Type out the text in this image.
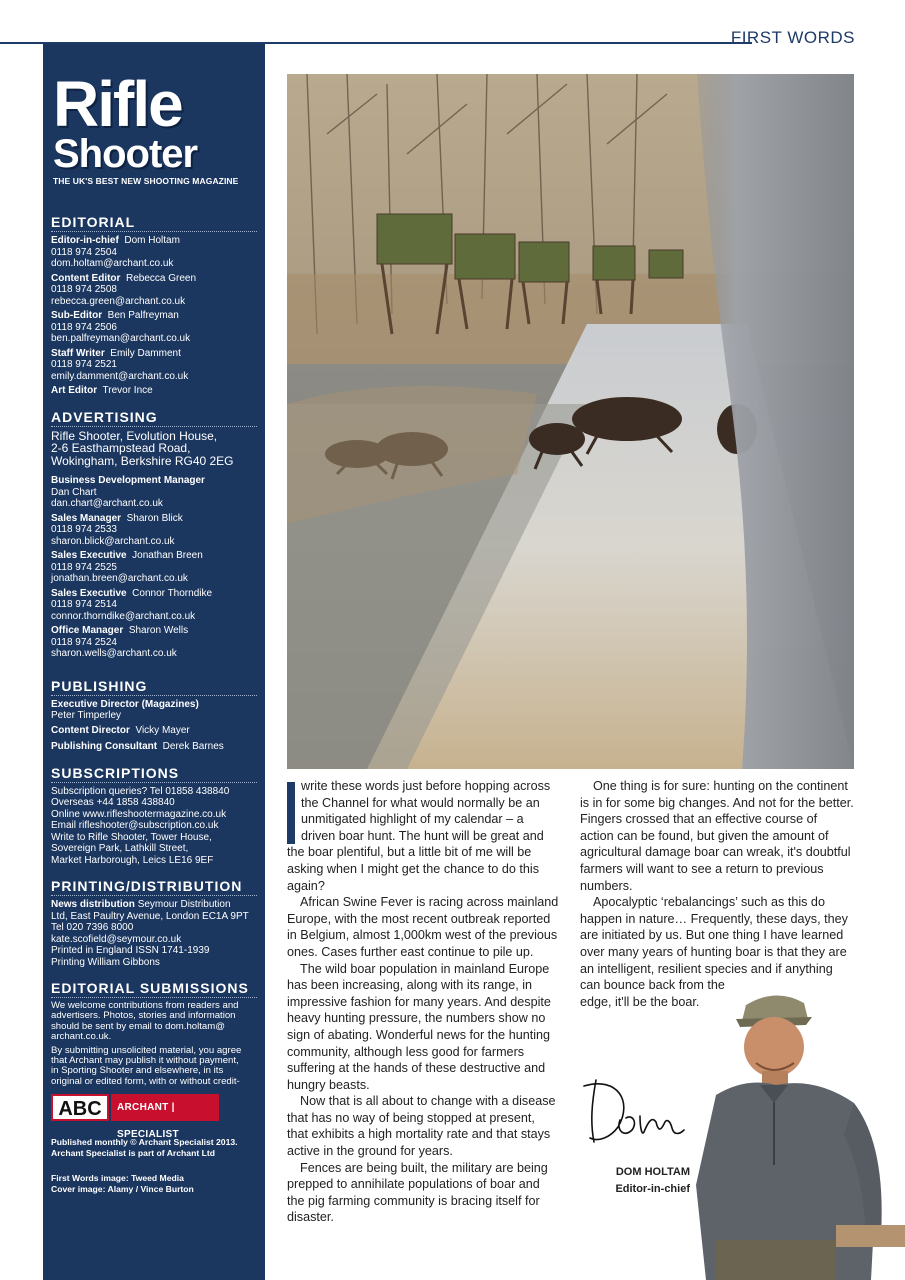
FIRST WORDS
Rifle
Shooter
THE UK'S BEST NEW SHOOTING MAGAZINE
EDITORIAL
Editor-in-chief Dom Holtam
0118 974 2504
dom.holtam@archant.co.uk
Content Editor Rebecca Green
0118 974 2508
rebecca.green@archant.co.uk
Sub-Editor Ben Palfreyman
0118 974 2506
ben.palfreyman@archant.co.uk
Staff Writer Emily Damment
0118 974 2521
emily.damment@archant.co.uk
Art Editor Trevor Ince
ADVERTISING
Rifle Shooter, Evolution House,
2-6 Easthampstead Road,
Wokingham, Berkshire RG40 2EG
Business Development Manager
Dan Chart
dan.chart@archant.co.uk
Sales Manager Sharon Blick
0118 974 2533
sharon.blick@archant.co.uk
Sales Executive Jonathan Breen
0118 974 2525
jonathan.breen@archant.co.uk
Sales Executive Connor Thorndike
0118 974 2514
connor.thorndike@archant.co.uk
Office Manager Sharon Wells
0118 974 2524
sharon.wells@archant.co.uk
PUBLISHING
Executive Director (Magazines)
Peter Timperley
Content Director Vicky Mayer
Publishing Consultant Derek Barnes
SUBSCRIPTIONS
Subscription queries? Tel 01858 438840
Overseas +44 1858 438840
Online www.rifleshootermagazine.co.uk
Email rifleshooter@subscription.co.uk
Write to Rifle Shooter, Tower House,
Sovereign Park, Lathkill Street,
Market Harborough, Leics LE16 9EF
PRINTING/DISTRIBUTION
News distribution Seymour Distribution
Ltd, East Paultry Avenue, London EC1A 9PT
Tel 020 7396 8000
kate.scofield@seymour.co.uk
Printed in England ISSN 1741-1939
Printing William Gibbons
EDITORIAL SUBMISSIONS
We welcome contributions from readers and
advertisers. Photos, stories and information
should be sent by email to dom.holtam@
archant.co.uk.
By submitting unsolicited material, you agree
that Archant may publish it without payment,
in Sporting Shooter and elsewhere, in its
original or edited form, with or without credit-
ABC	ARCHANT | SPECIALIST
Published monthly © Archant Specialist 2013.
Archant Specialist is part of Archant Ltd
First Words image: Tweed Media
Cover image: Alamy / Vince Burton

write these words just before hopping across the Channel for what would normally be an unmitigated highlight of my calendar – a driven boar hunt. The hunt will be great and the boar plentiful, but a little bit of me will be asking when I might get the chance to do this again?

African Swine Fever is racing across mainland Europe, with the most recent outbreak reported in Belgium, almost 1,000km west of the previous ones. Cases further east continue to pile up.

The wild boar population in mainland Europe has been increasing, along with its range, in impressive fashion for many years. And despite heavy hunting pressure, the numbers show no sign of abating. Wonderful news for the hunting community, although less good for farmers suffering at the hands of these destructive and hungry beasts.

Now that is all about to change with a disease that has no way of being stopped at present, that exhibits a high mortality rate and that stays active in the ground for years.

Fences are being built, the military are being prepped to annihilate populations of boar and the pig farming community is bracing itself for disaster.

One thing is for sure: hunting on the continent is in for some big changes. And not for the better. Fingers crossed that an effective course of action can be found, but given the amount of agricultural damage boar can wreak, it's doubtful farmers will want to see a return to previous numbers.

Apocalyptic ‘rebalancings’ such as this do happen in nature… Frequently, these days, they are initiated by us. But one thing I have learned over many years of hunting boar is that they are an intelligent, resilient species and if anything can bounce back from the

edge, it'll be the boar.

DOM HOLTAM
Editor-in-chief
